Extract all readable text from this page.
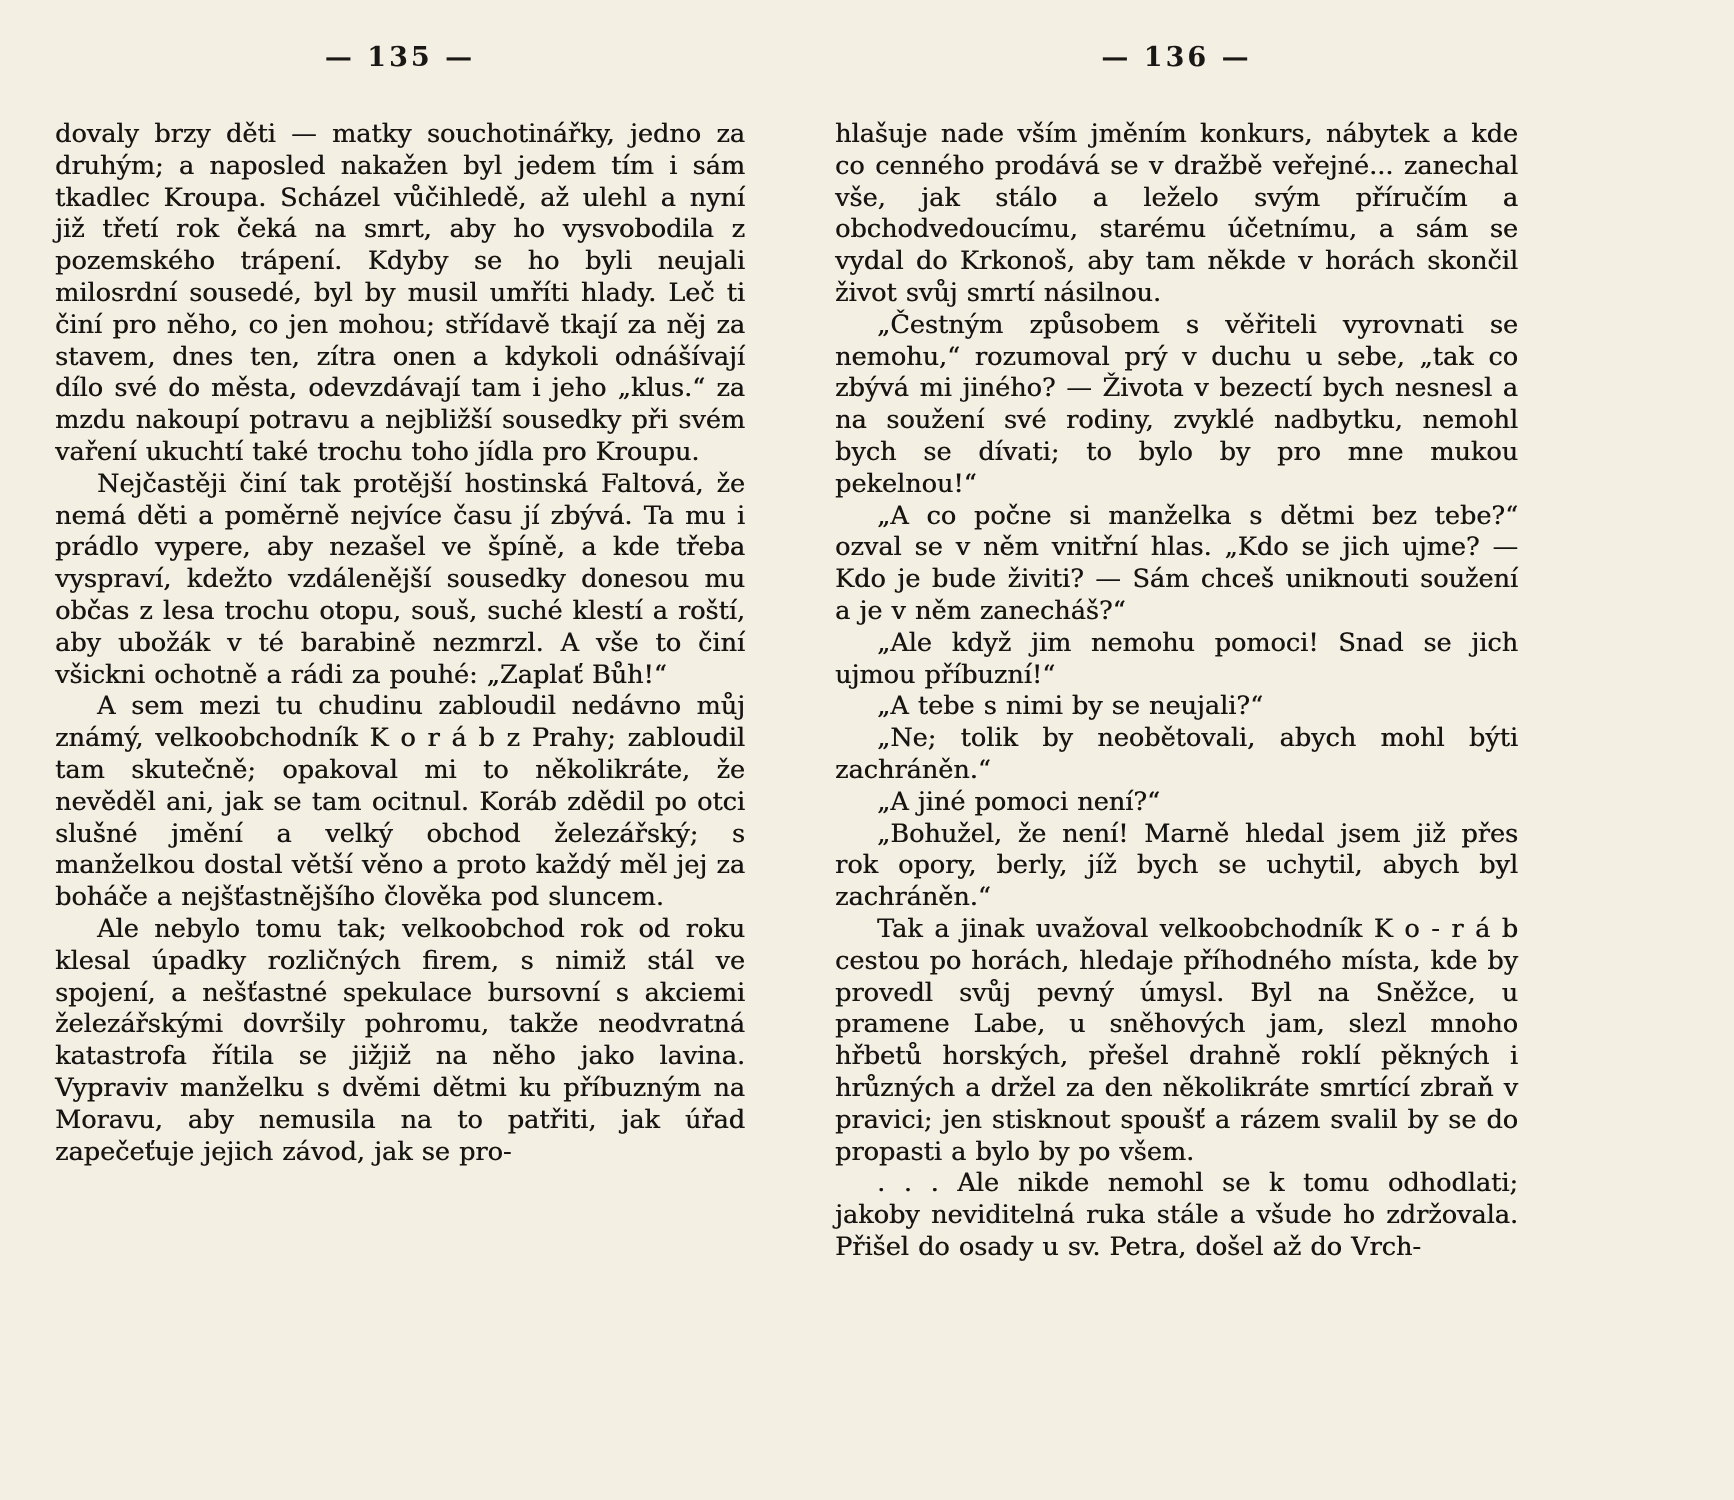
— 135 —

dovaly brzy děti — matky souchotinářky, jedno za druhým; a naposled nakažen byl jedem tím i sám tkadlec Kroupa. Scházel vůčihledě, až ulehl a nyní již třetí rok čeká na smrt, aby ho vysvobodila z pozemského trápení. Kdyby se ho byli neujali milosrdní sousedé, byl by musil umříti hlady. Leč ti činí pro něho, co jen mohou; střídavě tkají za něj za stavem, dnes ten, zítra onen a kdykoli odnášívají dílo své do města, odevzdávají tam i jeho „klus.“ za mzdu nakoupí potravu a nejbližší sousedky při svém vaření ukuchtí také trochu toho jídla pro Kroupu.

Nejčastěji činí tak protější hostinská Faltová, že nemá děti a poměrně nejvíce času jí zbývá. Ta mu i prádlo vypere, aby nezašel ve špíně, a kde třeba vyspraví, kdežto vzdálenější sousedky donesou mu občas z lesa trochu otopu, souš, suché klestí a roští, aby ubožák v té barabině nezmrzl. A vše to činí všickni ochotně a rádi za pouhé: „Zaplať Bůh!“

A sem mezi tu chudinu zabloudil nedávno můj známý, velkoobchodník K o r á b z Prahy; zabloudil tam skutečně; opakoval mi to několikráte, že nevěděl ani, jak se tam ocitnul. Koráb zdědil po otci slušné jmění a velký obchod železářský; s manželkou dostal větší věno a proto každý měl jej za boháče a nejšťastnějšího člověka pod sluncem.

Ale nebylo tomu tak; velkoobchod rok od roku klesal úpadky rozličných firem, s nimiž stál ve spojení, a nešťastné spekulace bursovní s akciemi železářskými dovršily pohromu, takže neodvratná katastrofa řítila se jižjiž na něho jako lavina. Vypraviv manželku s dvěmi dětmi ku příbuzným na Moravu, aby nemusila na to patřiti, jak úřad zapečeťuje jejich závod, jak se pro-

— 136 —

hlašuje nade vším jměním konkurs, nábytek a kde co cenného prodává se v dražbě veřejné... zanechal vše, jak stálo a leželo svým příručím a obchodvedoucímu, starému účetnímu, a sám se vydal do Krkonoš, aby tam někde v horách skončil život svůj smrtí násilnou.

„Čestným způsobem s věřiteli vyrovnati se nemohu,“ rozumoval prý v duchu u sebe, „tak co zbývá mi jiného? — Života v bezectí bych nesnesl a na soužení své rodiny, zvyklé nadbytku, nemohl bych se dívati; to bylo by pro mne mukou pekelnou!“

„A co počne si manželka s dětmi bez tebe?“ ozval se v něm vnitřní hlas. „Kdo se jich ujme? — Kdo je bude živiti? — Sám chceš uniknouti soužení a je v něm zanecháš?“

„Ale když jim nemohu pomoci! Snad se jich ujmou příbuzní!“

„A tebe s nimi by se neujali?“

„Ne; tolik by neobětovali, abych mohl býti zachráněn.“

„A jiné pomoci není?“

„Bohužel, že není! Marně hledal jsem již přes rok opory, berly, jíž bych se uchytil, abych byl zachráněn.“

Tak a jinak uvažoval velkoobchodník K o - r á b cestou po horách, hledaje příhodného místa, kde by provedl svůj pevný úmysl. Byl na Sněžce, u pramene Labe, u sněhových jam, slezl mnoho hřbetů horských, přešel drahně roklí pěkných i hrůzných a držel za den několikráte smrtící zbraň v pravici; jen stisknout spoušť a rázem svalil by se do propasti a bylo by po všem.

. . . Ale nikde nemohl se k tomu odhodlati; jakoby neviditelná ruka stále a všude ho zdržovala. Přišel do osady u sv. Petra, došel až do Vrch-
